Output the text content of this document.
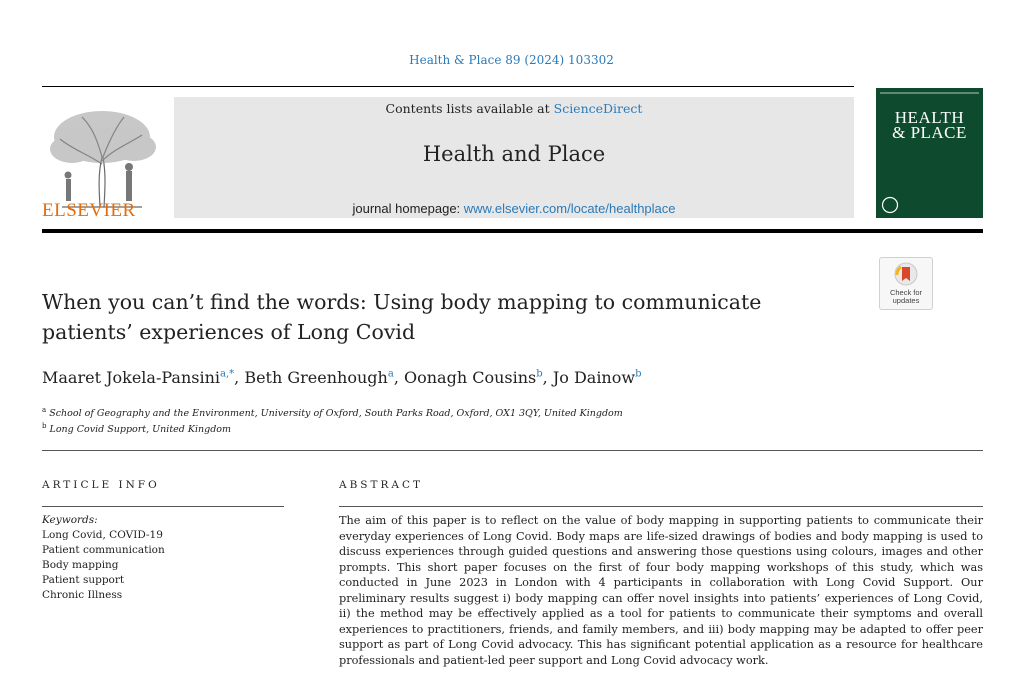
Health & Place 89 (2024) 103302
ELSEVIER
Contents lists available at ScienceDirect
Health and Place
journal homepage: www.elsevier.com/locate/healthplace
HEALTH
& PLACE
Check for
updates
When you can’t find the words: Using body mapping to communicate
patients’ experiences of Long Covid
Maaret Jokela-Pansini$^{a,*}$, Beth Greenhough$^a$, Oonagh Cousins$^b$, Jo Dainow$^b$
$^a$ School of Geography and the Environment, University of Oxford, South Parks Road, Oxford, OX1 3QY, United Kingdom
$^b$ Long Covid Support, United Kingdom
ARTICLE INFO
Keywords:
Long Covid, COVID-19
Patient communication
Body mapping
Patient support
Chronic Illness
ABSTRACT
The aim of this paper is to reflect on the value of body mapping in supporting patients to communicate their everyday experiences of Long Covid. Body maps are life-sized drawings of bodies and body mapping is used to discuss experiences through guided questions and answering those questions using colours, images and other prompts. This short paper focuses on the first of four body mapping workshops of this study, which was conducted in June 2023 in London with 4 participants in collaboration with Long Covid Support. Our preliminary results suggest i) body mapping can offer novel insights into patients’ experiences of Long Covid, ii) the method may be effectively applied as a tool for patients to communicate their symptoms and overall experiences to practitioners, friends, and family members, and iii) body mapping may be adapted to offer peer support as part of Long Covid advocacy. This has significant potential application as a resource for healthcare professionals and patient-led peer support and Long Covid advocacy work.
